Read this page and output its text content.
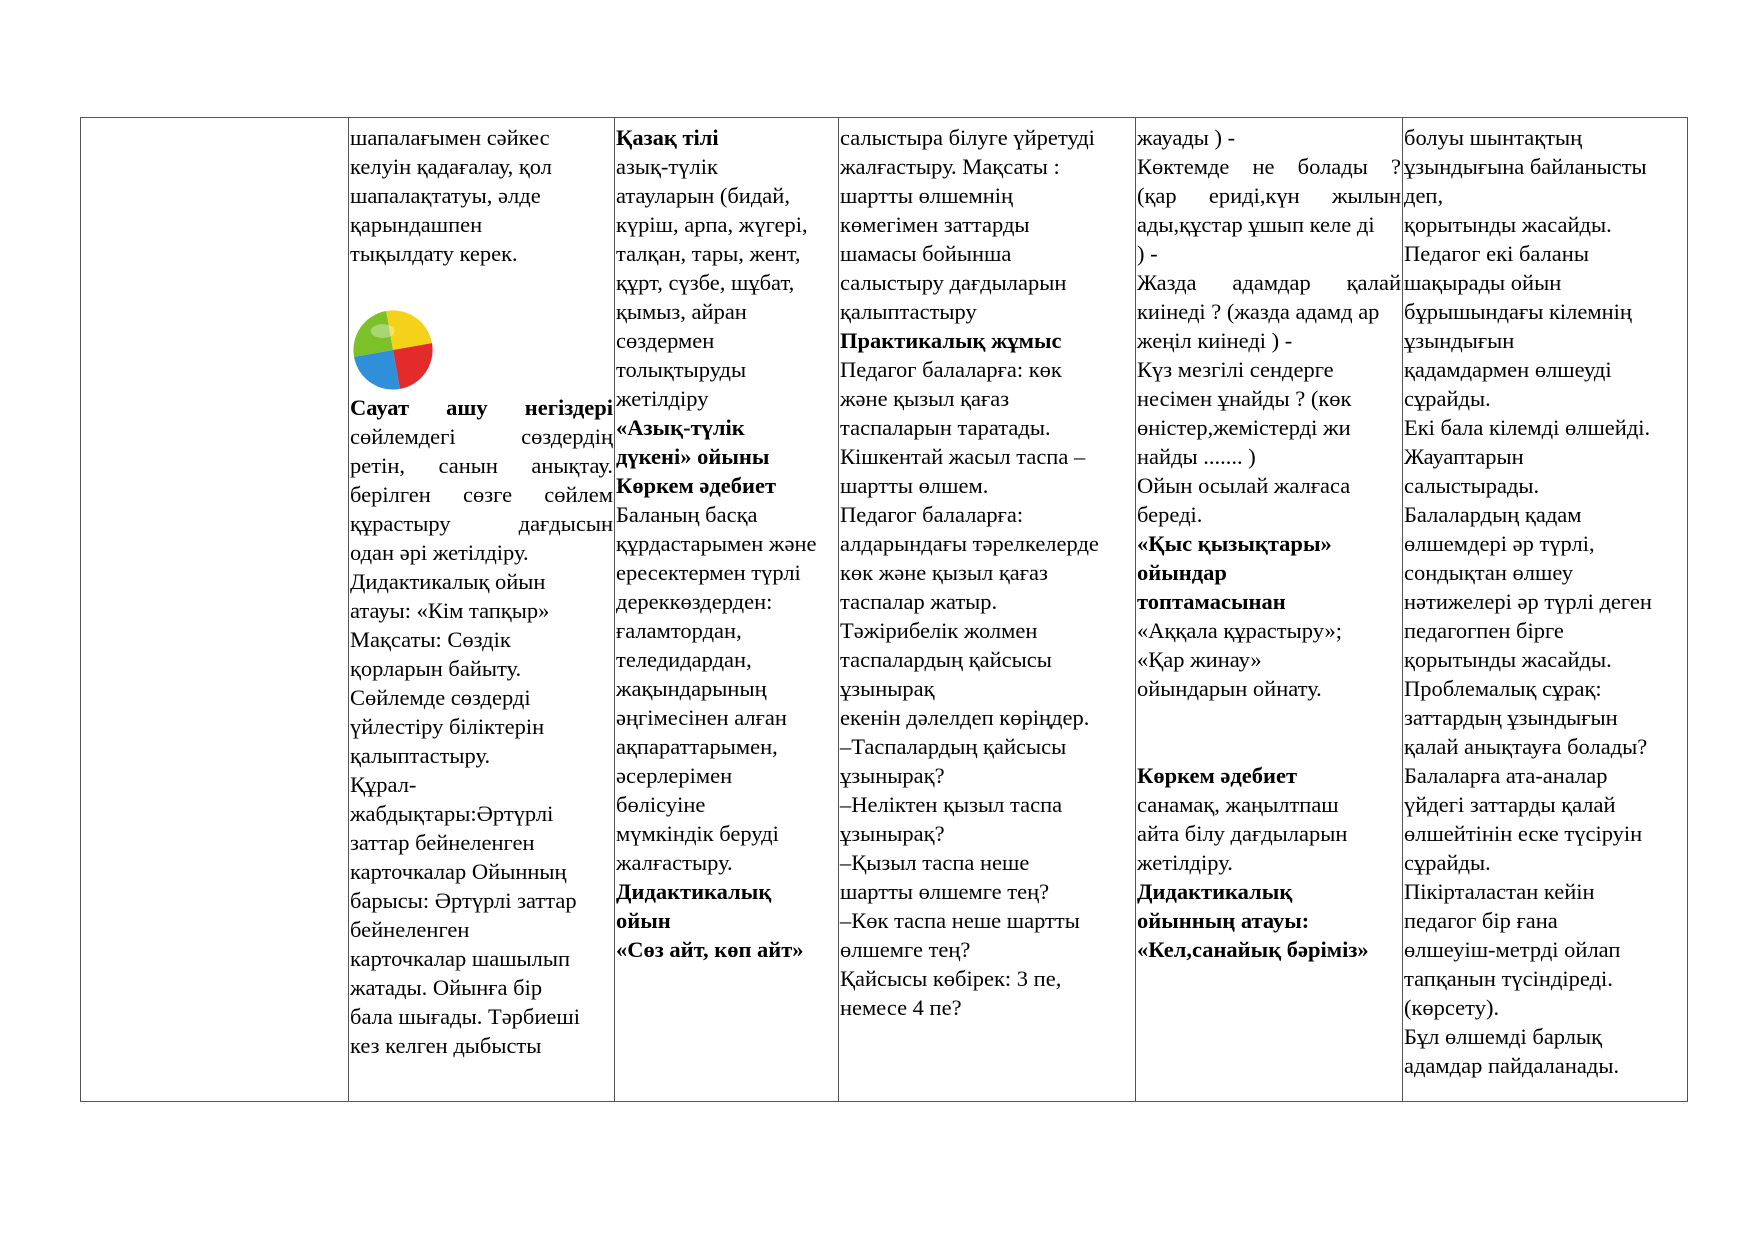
шапалағымен сәйкес
келуін қадағалау, қол
шапалақтатуы, әлде
қарындашпен
тықылдату керек.
Сауат ашу негіздері
сөйлемдегі сөздердің
ретін, санын анықтау.
берілген сөзге сөйлем
құрастыру дағдысын
одан әрі жетілдіру.
Дидактикалық ойын
атауы: «Кім тапқыр»
Мақсаты: Сөздік
қорларын байыту.
Сөйлемде сөздерді
үйлестіру біліктерін
қалыптастыру.
Құрал-
жабдықтары:Әртүрлі
заттар бейнеленген
карточкалар Ойынның
барысы: Әртүрлі заттар
бейнеленген
карточкалар шашылып
жатады. Ойынға бір
бала шығады. Тәрбиеші
кез келген дыбысты
Қазақ тілі
азық-түлік
атауларын (бидай,
күріш, арпа, жүгері,
талқан, тары, жент,
құрт, сүзбе, шұбат,
қымыз, айран
сөздермен
толықтыруды
жетілдіру
«Азық-түлік
дүкені» ойыны
Көркем әдебиет
Баланың басқа
құрдастарымен және
ересектермен түрлі
дереккөздерден:
ғаламтордан,
теледидардан,
жақындарының
әңгімесінен алған
ақпараттарымен,
әсерлерімен
бөлісуіне
мүмкіндік беруді
жалғастыру.
Дидактикалық
ойын
«Сөз айт, көп айт»
салыстыра білуге үйретуді
жалғастыру. Мақсаты :
шартты өлшемнің
көмегімен заттарды
шамасы бойынша
салыстыру дағдыларын
қалыптастыру
Практикалық жұмыс
Педагог балаларға: көк
және қызыл қағаз
таспаларын таратады.
Кішкентай жасыл таспа –
шартты өлшем.
Педагог балаларға:
алдарындағы тәрелкелерде
көк және қызыл қағаз
таспалар жатыр.
Тәжірибелік жолмен
таспалардың қайсысы
ұзынырақ
екенін дәлелдеп көріңдер.
–Таспалардың қайсысы
ұзынырақ?
–Неліктен қызыл таспа
ұзынырақ?
–Қызыл таспа неше
шартты өлшемге тең?
–Көк таспа неше шартты
өлшемге тең?
Қайсысы көбірек: 3 пе,
немесе 4 пе?
жауады ) -
Көктемде не болады ?
(қар ериді,күн жылын
ады,құстар ұшып келе ді
) -
Жазда адамдар қалай
киінеді ? (жазда адамд ар
жеңіл киінеді ) -
Күз мезгілі сендерге
несімен ұнайды ? (көк
өністер,жемістерді жи
найды ....... )
Ойын осылай жалғаса
береді.
«Қыс қызықтары»
ойындар
топтамасынан
«Аққала құрастыру»;
«Қар жинау»
ойындарын ойнату.
Көркем әдебиет
санамақ, жаңылтпаш
айта білу дағдыларын
жетілдіру.
Дидактикалық
ойынның атауы:
«Кел,санайық бәріміз»
болуы шынтақтың
ұзындығына байланысты
деп,
қорытынды жасайды.
Педагог екі баланы
шақырады ойын
бұрышындағы кілемнің
ұзындығын
қадамдармен өлшеуді
сұрайды.
Екі бала кілемді өлшейді.
Жауаптарын
салыстырады.
Балалардың қадам
өлшемдері әр түрлі,
сондықтан өлшеу
нәтижелері әр түрлі деген
педагогпен бірге
қорытынды жасайды.
Проблемалық сұрақ:
заттардың ұзындығын
қалай анықтауға болады?
Балаларға ата-аналар
үйдегі заттарды қалай
өлшейтінін еске түсіруін
сұрайды.
Пікірталастан кейін
педагог бір ғана
өлшеуіш-метрді ойлап
тапқанын түсіндіреді.
(көрсету).
Бұл өлшемді барлық
адамдар пайдаланады.
